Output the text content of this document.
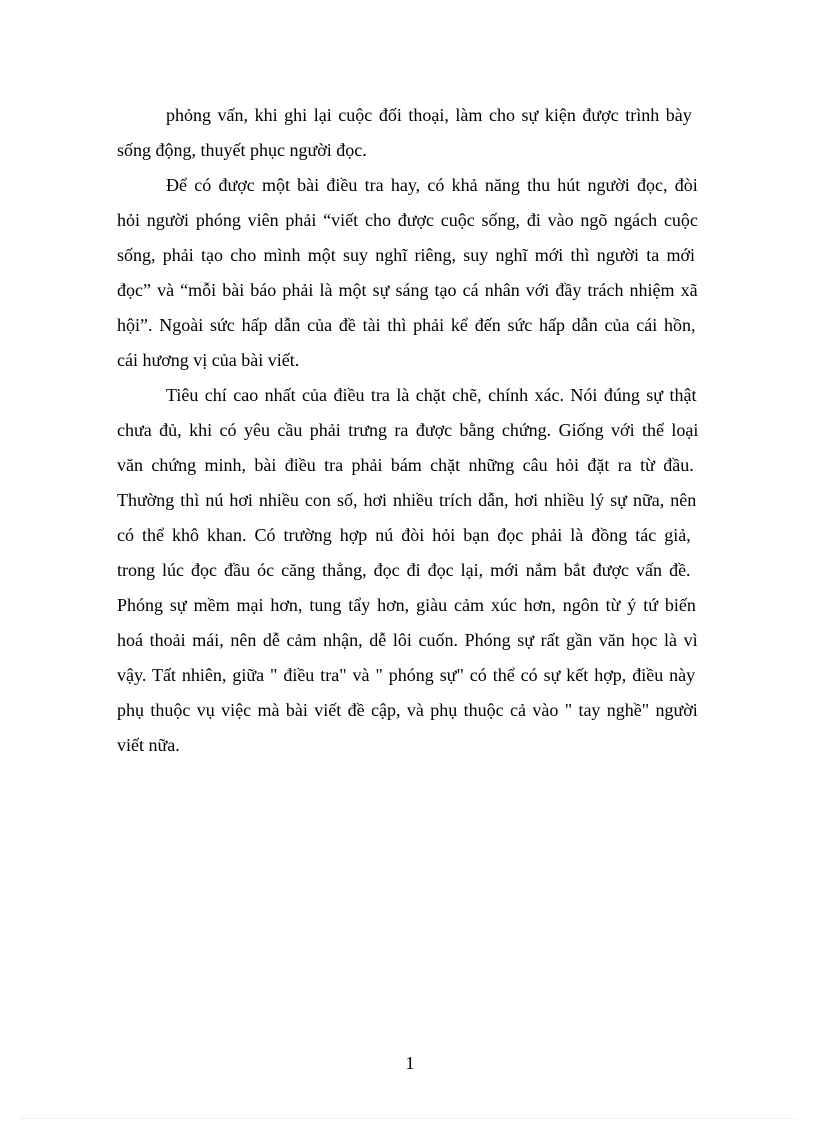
phỏng vấn, khi ghi lại cuộc đối thoại, làm cho sự kiện được trình bày
sống động, thuyết phục người đọc.
Để có được một bài điều tra hay, có khả năng thu hút người đọc, đòi
hỏi người phóng viên phải “viết cho được cuộc sống, đi vào ngõ ngách cuộc
sống, phải tạo cho mình một suy nghĩ riêng, suy nghĩ mới thì người ta mới
đọc” và “mỗi bài báo phải là một sự sáng tạo cá nhân với đầy trách nhiệm xã
hội”. Ngoài sức hấp dẫn của đề tài thì phải kể đến sức hấp dẫn của cái hồn,
cái hương vị của bài viết.
Tiêu chí cao nhất của điều tra là chặt chẽ, chính xác. Nói đúng sự thật
chưa đủ, khi có yêu cầu phải trưng ra được bằng chứng. Giống với thể loại
văn chứng minh, bài điều tra phải bám chặt những câu hỏi đặt ra từ đầu.
Thường thì nú hơi nhiều con số, hơi nhiều trích dẫn, hơi nhiều lý sự nữa, nên
có thể khô khan. Có trường hợp nú đòi hỏi bạn đọc phải là đồng tác giả,
trong lúc đọc đầu óc căng thẳng, đọc đi đọc lại, mới nắm bắt được vấn đề.
Phóng sự mềm mại hơn, tung tẩy hơn, giàu cảm xúc hơn, ngôn từ ý tứ biến
hoá thoải mái, nên dễ cảm nhận, dễ lôi cuốn. Phóng sự rất gần văn học là vì
vậy. Tất nhiên, giữa " điều tra" và " phóng sự" có thể có sự kết hợp, điều này
phụ thuộc vụ việc mà bài viết đề cập, và phụ thuộc cả vào " tay nghề" người
viết nữa.
1
